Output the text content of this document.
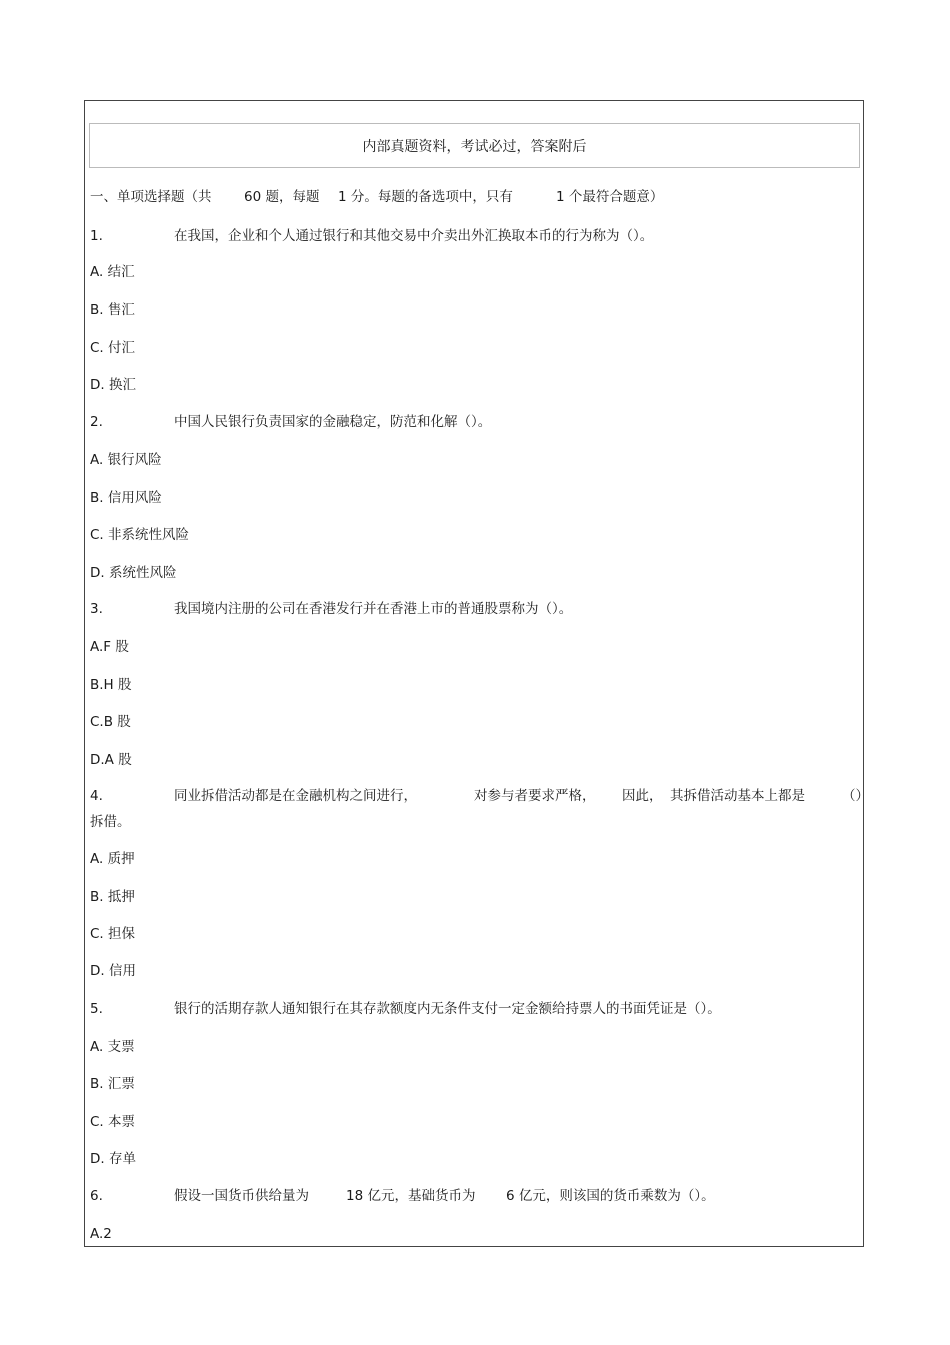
内部真题资料，考试必过，答案附后
一、单项选择题（共 60 题，每题 1 分。每题的备选项中，只有	1 个最符合题意）
1.	在我国，企业和个人通过银行和其他交易中介卖出外汇换取本币的行为称为（）。
A. 结汇
B. 售汇
C. 付汇
D. 换汇
2.	中国人民银行负责国家的金融稳定，防范和化解（）。
A. 银行风险
B. 信用风险
C. 非系统性风险
D. 系统性风险
3.	我国境内注册的公司在香港发行并在香港上市的普通股票称为（）。
A.F 股
B.H 股
C.B 股
D.A 股
4.	同业拆借活动都是在金融机构之间进行，	对参与者要求严格， 因此， 其拆借活动基本上都是	（）
拆借。
A. 质押
B. 抵押
C. 担保
D. 信用
5.	银行的活期存款人通知银行在其存款额度内无条件支付一定金额给持票人的书面凭证是（）。
A. 支票
B. 汇票
C. 本票
D. 存单
6.	假设一国货币供给量为	18 亿元，基础货币为 6 亿元，则该国的货币乘数为（）。
A.2
